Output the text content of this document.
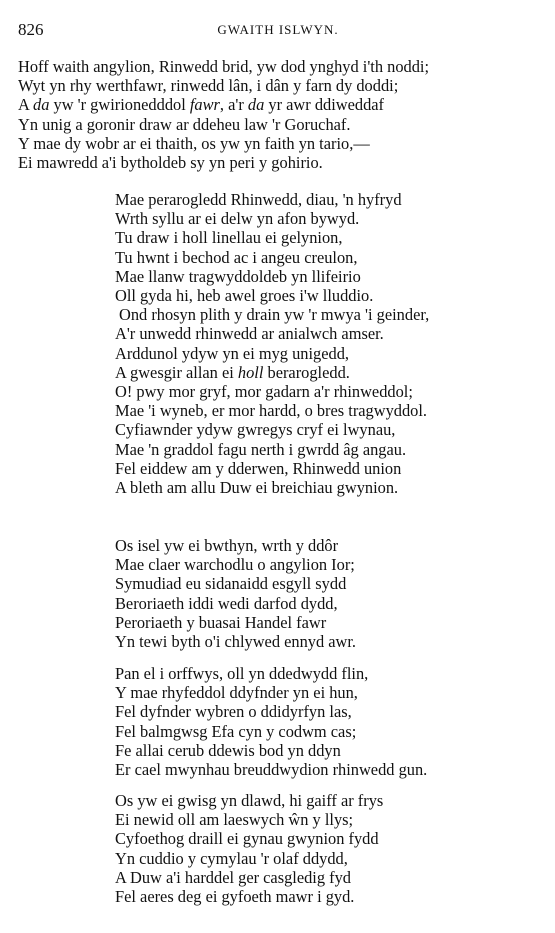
826	GWAITH ISLWYN.
Hoff waith angylion, Rinwedd brid, yw dod ynghyd i'th noddi;
Wyt yn rhy werthfawr, rinwedd lân, i dân y farn dy doddi;
A da yw 'r gwirionedddol fawr, a'r da yr awr ddiweddaf
Yn unig a goronir draw ar ddeheu law 'r Goruchaf.
Y mae dy wobr ar ei thaith, os yw yn faith yn tario,—
Ei mawredd a'i bytholdeb sy yn peri y gohirio.
Mae perarogledd Rhinwedd, diau, 'n hyfryd
Wrth syllu ar ei delw yn afon bywyd.
Tu draw i holl linellau ei gelynion,
Tu hwnt i bechod ac i angeu creulon,
Mae llanw tragwyddoldeb yn llifeirio
Oll gyda hi, heb awel groes i'w lluddio.
Ond rhosyn plith y drain yw 'r mwya 'i geinder,
A'r unwedd rhinwedd ar anialwch amser.
Arddunol ydyw yn ei myg unigedd,
A gwesgir allan ei holl berarogledd.
O! pwy mor gryf, mor gadarn a'r rhinweddol;
Mae 'i wyneb, er mor hardd, o bres tragwyddol.
Cyfiawnder ydyw gwregys cryf ei lwynau,
Mae 'n graddol fagu nerth i gwrdd âg angau.
Fel eiddew am y dderwen, Rhinwedd union
A bleth am allu Duw ei breichiau gwynion.
Os isel yw ei bwthyn, wrth y ddôr
Mae claer warchodlu o angylion Ior;
Symudiad eu sidanaidd esgyll sydd
Beroriaeth iddi wedi darfod dydd,
Peroriaeth y buasai Handel fawr
Yn tewi byth o'i chlywed ennyd awr.
Pan el i orffwys, oll yn ddedwydd flin,
Y mae rhyfeddol ddyfnder yn ei hun,
Fel dyfnder wybren o ddidyrfyn las,
Fel balmgwsg Efa cyn y codwm cas;
Fe allai cerub ddewis bod yn ddyn
Er cael mwynhau breuddwydion rhinwedd gun.
Os yw ei gwisg yn dlawd, hi gaiff ar frys
Ei newid oll am laeswych ŵn y llys;
Cyfoethog draill ei gynau gwynion fydd
Yn cuddio y cymylau 'r olaf ddydd,
A Duw a'i harddel ger casgledig fyd
Fel aeres deg ei gyfoeth mawr i gyd.
